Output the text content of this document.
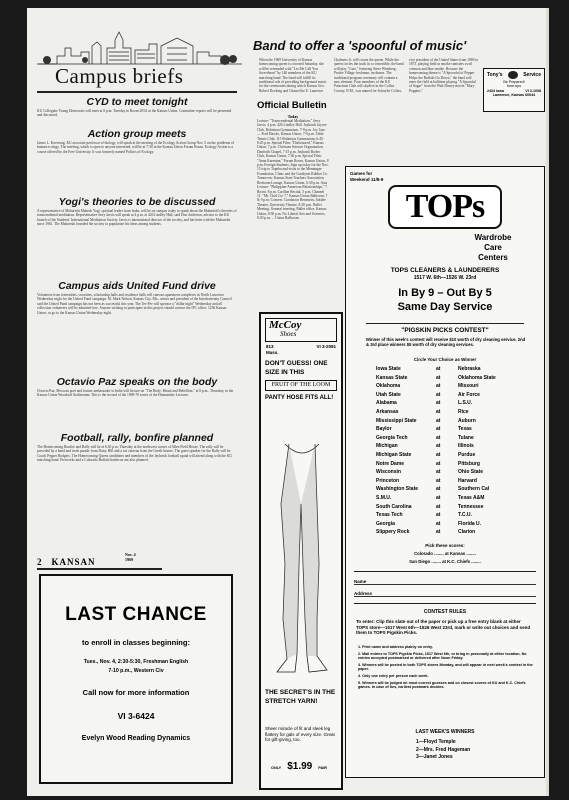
Campus briefs
CYD to meet tonight
KU Collegiate Young Democrats will meet at 8 p.m. Tuesday in Room 205A at the Kansas Union. Committee reports will be presented and discussed.
Action group meets
James L. Koevenig, KU associate professor of biology, will speak at the meeting of the Ecology Action Group Nov. 5 on the problems of human ecology. The meeting, which is open to anyone interested, will be at 7:30 in the Kansas Union Forum Room. Ecology Action is a course offered by the Free University. It was formerly named Politics of Ecology.
Yogi's theories to be discussed
A representative of Maharishi Mahesh Yogi, spiritual leader from India, will be on campus today to speak about the Maharishi's theories of transcendental meditation. Representative Jerry Jarvis will speak at 4 p.m. at 426 Lindley Hall, said Don Anderson, advisor to the KU branch of the Students' International Meditation Society. Jarvis is international director of the society, and has been with the Maharishi since 1961. The Maharishi founded the society to popularize his ideas among students.
Campus aids United Fund drive
Volunteers from fraternities, sororities, scholarship halls and residence halls will canvass apartment complexes in North Lawrence Wednesday night for the United Fund campaign. M. Mark Nelson, Kansas City, Mo., senior and president of the Interfraternity Council said the United Fund campaign has not been as successful this year. The Tee Pee will sponsor a "dollar night" Wednesday and all collection volunteers will be admitted free. Anyone wishing to participate in this project should contact the IFC office, 1236 Kansas Union, or go to the Kansas Union Wednesday night.
Octavio Paz speaks on the body
Octavio Paz, Mexican poet and former ambassador to India will lecture on "The Body: Ritual and Rebellion," at 8 p.m., Thursday, in the Kansas Union Woodruff Auditorium. This is the second of the 1969-70 series of the Humanities Lectures.
Football, rally, bonfire planned
The Homecoming Bonfire and Rally will be at 6:30 p.m. Thursday at the northwest corner of Allen Field House. The rally will be preceded by a band and torch parade from Daisy Hill and a car caravan from the Greek houses. The guest speaker for the Rally will be Coach Pepper Rodgers. The Homecoming Queen candidates and members of the Jayhawk football squad will attend along with the KU marching band. Fireworks and a Colorado Buffalo barbecue are also planned.
2 KANSAN
Nov. 4
1969
LAST CHANCE
to enroll in classes beginning:
Tues., Nov. 4, 2:30-5:30, Freshman English
7-10 p.m., Western Civ
Call now for more information
VI 3-6424
Evelyn Wood Reading Dynamics
Band to offer a 'spoonful of music'
When the 1969 University of Kansas homecoming queen is crowned Saturday, she will be serenaded with "Let Me Call You Sweetheart" by 140 members of the KU marching band. The band will fulfill its traditional role of providing background music for the ceremonies during which Kansas Gov. Robert Docking and Chancellor E. Laurence Chalmers Jr. will crown the queen. While the queen circles the track in a convertible, the band will play "Cute," featuring Steve Weinberg, Prairie Village freshman, on drums. The traditional program ceremony will contain a new element. Four members of the KU Parachute Club will skydive in the Colfax County, N.M., was named for Schuyler Colfax, vice president of the United States from 1869 to 1873. playing field as smoke canisters swirl crimson and blue smoke. Because the homecoming theme is "A Spoonful of Pepper Helps the Buffalo Go Down," the band will enter the field at halftime playing "A Spoonful of Sugar" from the Walt Disney movie "Mary Poppins."
Tony's	Service
Be Prepared!
tune-ups
2434 Iowa	VI 3-1008
Lawrence, Kansas 66044
Official Bulletin
Today
Lecture: "Transcendental Meditation," Jerry Jarvis, 4 p.m. 426 Lindley Hall. Jayhawk Jaycee Club, Robinson Gymnasium, 7-9 p.m. Joy Jazz — Fred Hawks, Kansas Union, 7-9 p.m. Table Tennis Club, 115 Robinson Gymnasium, 6:45-8:45 p.m. Special Film: "Dishonored," Kansas Union, 7 p.m. Christian Science Organization, Danforth Chapel, 7:15 p.m. Jayhawk Rodeo Club, Kansas Union, 7:30 p.m. Special Film: "Anna Karenina," Forum Room, Kansas Union, 8 p.m. Foreign Students, Sign up today for the Nov. 15 trip to Topeka and visits to the Menninger Foundation, Clinic and the Goodyear Rubber Co. Tomorrow: Kansas State Teachers Association Bedroom Lounge, Kansas Union, 6:30 p.m. Asia Lecture: "Philippine-American Relationships," 7 Room. 8 p.m. Carillon Recital, 5 p.m. Channel 11: "Mr. Chid 2 to 7," Kansas Union Ballroom, 7 & 9 p.m. Concert: Conductor Bernstein, Jubilee Theatre, University Theatre, 8:20 p.m. Ballet Meeting. General meeting, Ballet office, Kansas Union, 8:30 p.m. No Liberal Arts and Sciences, 8:30 p.m. ... Union Ballroom.
McCoy
Shoes
813 Mass.
VI 3-2091
DON'T GUESS! ONE SIZE IN THIS
FRUIT OF THE LOOM
PANTY HOSE FITS ALL!
THE SECRET'S IN THE STRETCH YARN!
Sheer miracle of fit and sleek leg flattery for gals of every size. Great for gift-giving, too.
ONLY $1.99 PAIR
Games for Weekend 11/8-9
TOPs
Wardrobe
Care
Centers
TOPS CLEANERS & LAUNDERERS
1517 W. 6th—1526 W. 23rd
In By 9 – Out By 5
Same Day Service
"PIGSKIN PICKS CONTEST"
Winner of this week's contest will receive $10 worth of dry cleaning service. 2nd & 3rd place winners $5 worth of dry cleaning services.
Circle Your Choice as Winner
Iowa State	at	Nebraska
Kansas State	at	Oklahoma State
Oklahoma	at	Missouri
Utah State	at	Air Force
Alabama	at	L.S.U.
Arkansas	at	Rice
Mississippi State	at	Auburn
Baylor	at	Texas
Georgia Tech	at	Tulane
Michigan	at	Illinois
Michigan State	at	Purdue
Notre Dame	at	Pittsburg
Wisconsin	at	Ohio State
Princeton	at	Harvard
Washington State	at	Southern Cal
S.M.U.	at	Texas A&M
South Carolina	at	Tennessee
Texas Tech	at	T.C.U.
Georgia	at	Florida U.
Slippery Rock	at	Clarion
Pick these scores:
Colorado ........ at Kansas ........
San Diego ........ at K.C. Chiefs ........
Name
Address
CONTEST RULES
To enter: Clip this slate out of the paper or pick up a free entry blank at either TOPS store—1517 West 6th—1526 West 23rd, mark or write out choices and send them to TOPS Pigskin Picks.
1. Print name and address plainly on entry.
2. Mail entries to TOPS Pigskin Picks, 1517 West 6th, or bring in personally at either location. No entries accepted postmarked or delivered after Noon Friday.
3. Winners will be posted in both TOPS stores Monday, and will appear in next week's contest in the paper.
4. Only one entry per person each week.
5. Winners will be judged on most correct guesses and on closest scores of KU and K.C. Chiefs games. In case of ties, earliest postmark decides.
LAST WEEK'S WINNERS
1—Floyd Temple
2—Mrs. Fred Hageman
3—Janet Jones
